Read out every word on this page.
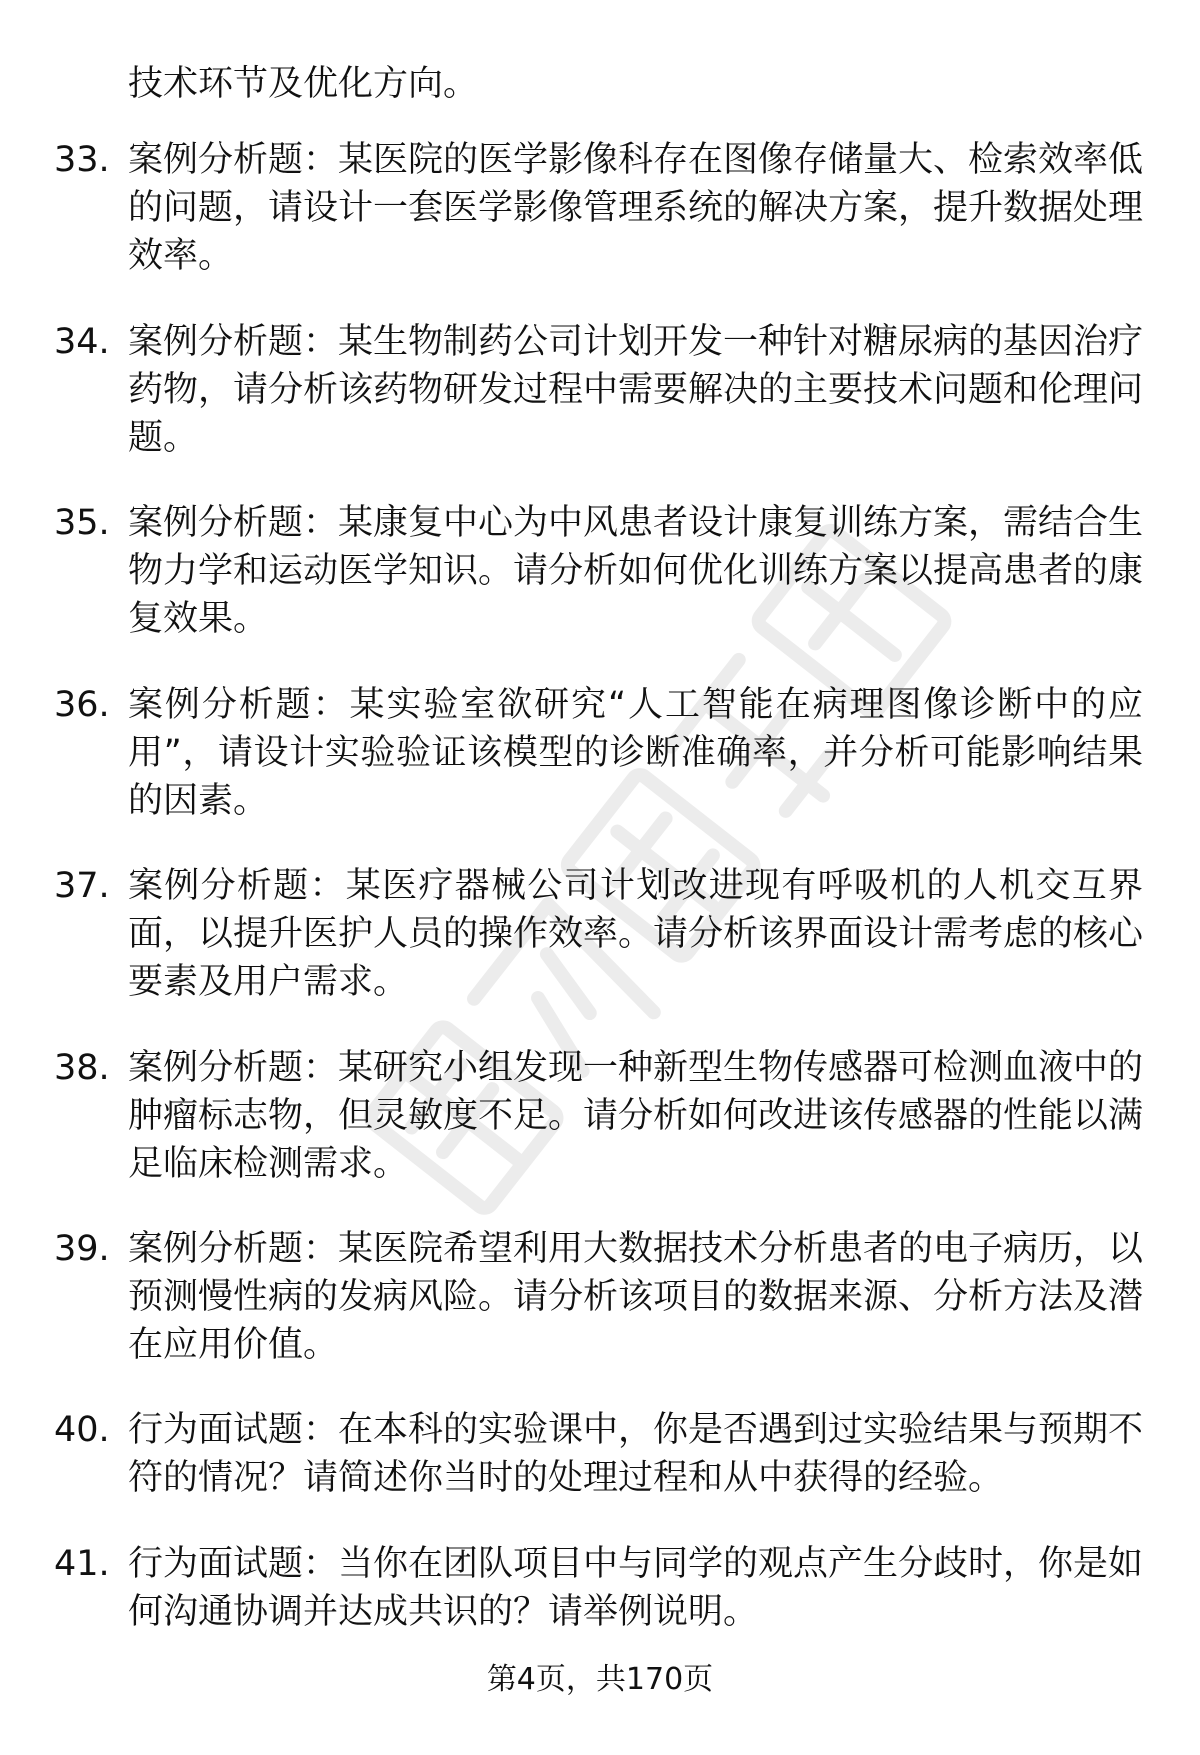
技术环节及优化方向。
33. 案例分析题：某医院的医学影像科存在图像存储量大、检索效率低的问题，请设计一套医学影像管理系统的解决方案，提升数据处理效率。
34. 案例分析题：某生物制药公司计划开发一种针对糖尿病的基因治疗药物，请分析该药物研发过程中需要解决的主要技术问题和伦理问题。
35. 案例分析题：某康复中心为中风患者设计康复训练方案，需结合生物力学和运动医学知识。请分析如何优化训练方案以提高患者的康复效果。
36. 案例分析题：某实验室欲研究“人工智能在病理图像诊断中的应用”，请设计实验验证该模型的诊断准确率，并分析可能影响结果的因素。
37. 案例分析题：某医疗器械公司计划改进现有呼吸机的人机交互界面，以提升医护人员的操作效率。请分析该界面设计需考虑的核心要素及用户需求。
38. 案例分析题：某研究小组发现一种新型生物传感器可检测血液中的肿瘤标志物，但灵敏度不足。请分析如何改进该传感器的性能以满足临床检测需求。
39. 案例分析题：某医院希望利用大数据技术分析患者的电子病历，以预测慢性病的发病风险。请分析该项目的数据来源、分析方法及潜在应用价值。
40. 行为面试题：在本科的实验课中，你是否遇到过实验结果与预期不符的情况？请简述你当时的处理过程和从中获得的经验。
41. 行为面试题：当你在团队项目中与同学的观点产生分歧时，你是如何沟通协调并达成共识的？请举例说明。
第4页，共170页
